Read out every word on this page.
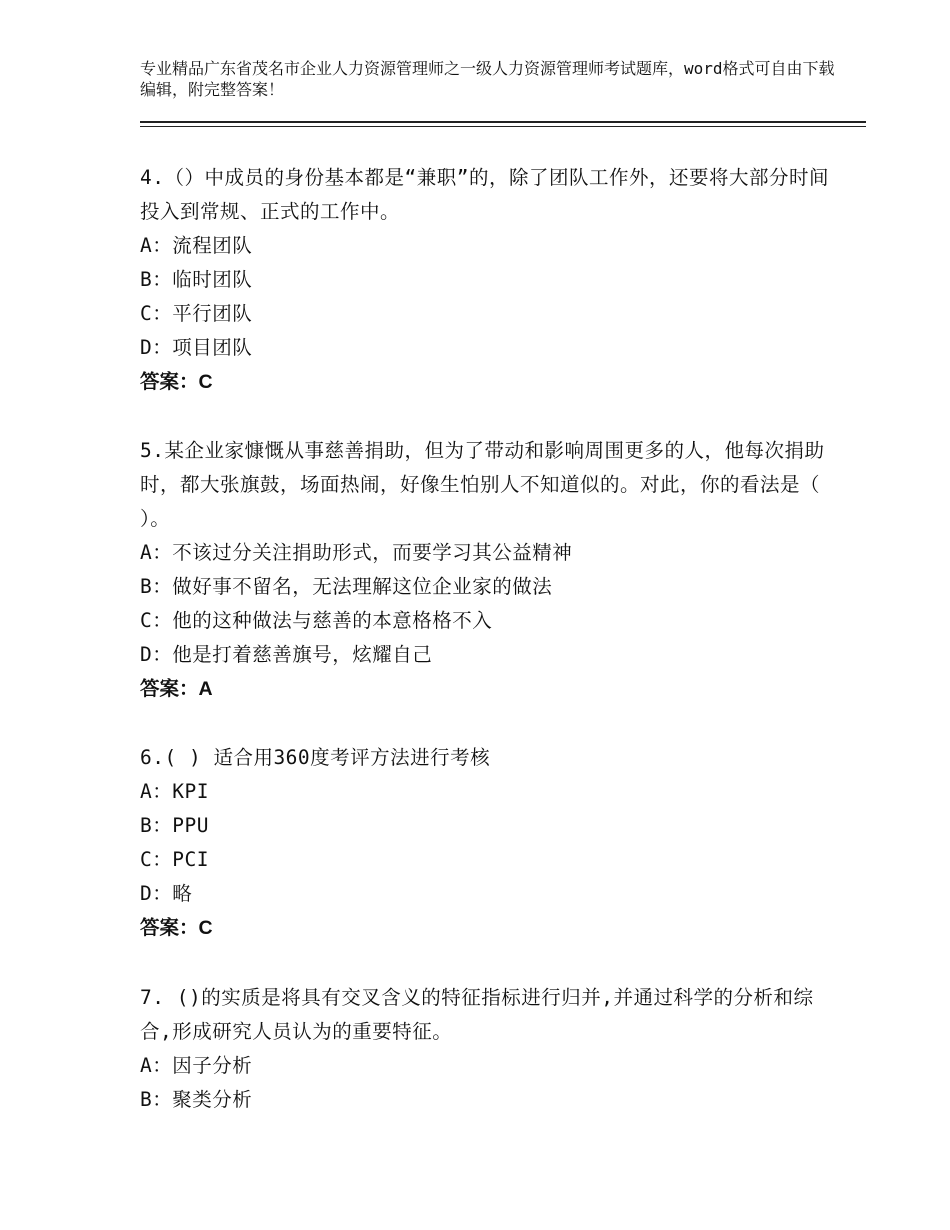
专业精品广东省茂名市企业人力资源管理师之一级人力资源管理师考试题库，word格式可自由下载编辑，附完整答案！

4.（）中成员的身份基本都是“兼职”的，除了团队工作外，还要将大部分时间 投入到常规、正式的工作中。

A：流程团队

B：临时团队

C：平行团队

D：项目团队

答案：C

5.某企业家慷慨从事慈善捐助，但为了带动和影响周围更多的人，他每次捐助时，都大张旗鼓，场面热闹，好像生怕别人不知道似的。对此，你的看法是（ ）。

A：不该过分关注捐助形式，而要学习其公益精神

B：做好事不留名，无法理解这位企业家的做法

C：他的这种做法与慈善的本意格格不入

D：他是打着慈善旗号，炫耀自己

答案：A

6.( ) 适合用360度考评方法进行考核

A：KPI

B：PPU

C：PCI

D：略

答案：C

7. ()的实质是将具有交叉含义的特征指标进行归并,并通过科学的分析和综合,形成研究人员认为的重要特征。

A：因子分析

B：聚类分析
